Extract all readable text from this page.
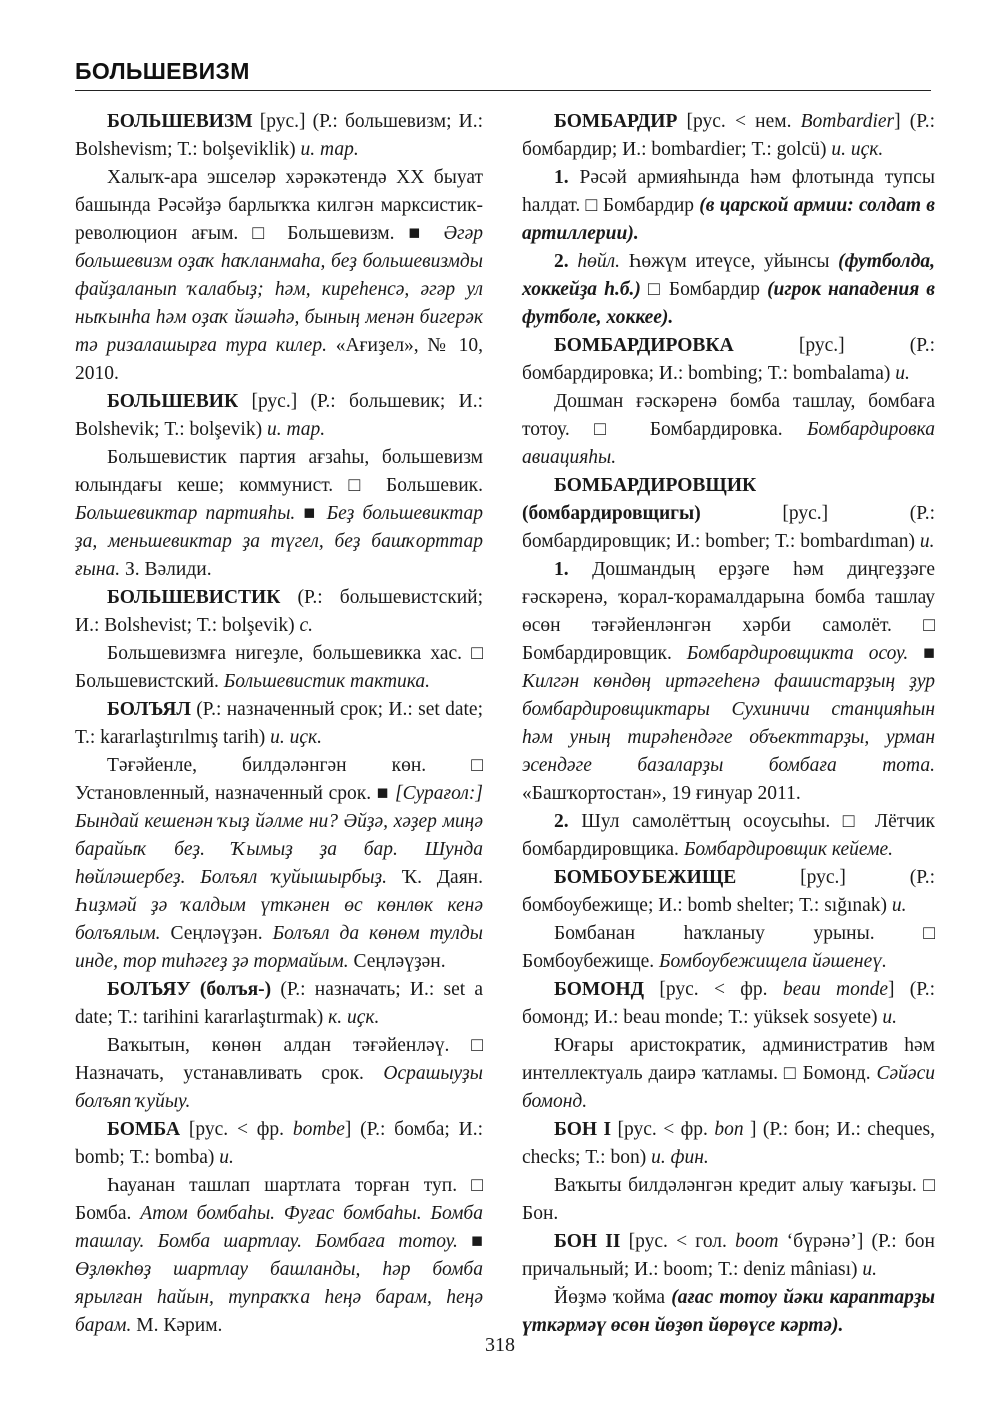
БОЛЬШЕВИЗМ

БОЛЬШЕВИЗМ [рус.] (Р.: большевизм; И.: Bolshevism; Т.: bolşeviklik) и. тар.

Халыҡ-ара эшселәр хәрәкәтендә XX быуат башында Рәсәйҙә барлыҡҡа килгән марксистик-революцион ағым. □ Большевизм. ■ Әгәр большевизм оҙаҡ һаҡланмаһа, беҙ большевизмды файҙаланып ҡалабыҙ; һәм, киреһенсә, әгәр ул ныҡынһа һәм оҙаҡ йәшәһә, бының менән бигерәк тә ризалашырға тура килер. «Ағиҙел», № 10, 2010.

БОЛЬШЕВИК [рус.] (Р.: большевик; И.: Bolshevik; Т.: bolşevik) и. тар.

Большевистик партия ағзаһы, большевизм юлындағы кеше; коммунист. □ Большевик. Большевиктар партияһы. ■ Беҙ большевиктар ҙа, меньшевиктар ҙа түгел, беҙ башҡорттар ғына. З. Вәлиди.

БОЛЬШЕВИСТИК (Р.: большевистский; И.: Bolshevist; Т.: bolşevik) с.

Большевизмға нигеҙле, большевикка хас. □ Большевистский. Большевистик тактика.

БОЛЪЯЛ (Р.: назначенный срок; И.: set date; Т.: kararlaştırılmış tarih) и. иҫк.

Тәғәйенле, билдәләнгән көн. □ Установленный, назначенный срок. ■ [Сурағол:] Бындай кешенән ҡыҙ йәлме ни? Әйҙә, хәҙер миңә барайыҡ беҙ. Ҡымыҙ ҙа бар. Шунда һөйләшербеҙ. Болъял ҡуйышырбыҙ. Ҡ. Даян. Һиҙмәй ҙә ҡалдым үткәнен өс көнлөк кенә болъялым. Сеңләүҙән. Болъял да көнөм тулды инде, тор тиһәгеҙ ҙә тормайым. Сеңләүҙән.

БОЛЪЯУ (болъя-) (Р.: назначать; И.: set a date; Т.: tarihini kararlaştırmak) к. иҫк.

Ваҡытын, көнөн алдан тәғәйенләү. □ Назначать, устанавливать срок. Осрашыуҙы болъяп ҡуйыу.

БОМБА [рус. < фр. bombe] (Р.: бомба; И.: bomb; Т.: bomba) и.

Һауанан ташлап шартлата торған туп. □ Бомба. Атом бомбаһы. Фуғас бомбаһы. Бомба ташлау. Бомба шартлау. Бомбаға тотоу. ■ Өҙлөкһөҙ шартлау башланды, һәр бомба ярылған һайын, тупраҡҡа һеңә барам, һеңә барам. М. Кәрим.

БОМБАРДИР [рус. < нем. Bombardier] (Р.: бомбардир; И.: bombardier; Т.: golcü) и. иҫк.

1. Рәсәй армияһында һәм флотында тупсы һалдат. □ Бомбардир (в царской армии: солдат в артиллерии).

2. һөйл. Һөжүм итеүсе, уйынсы (футболда, хоккейҙа һ.б.) □ Бомбардир (игрок нападения в футболе, хоккее).

БОМБАРДИРОВКА [рус.] (Р.: бомбардировка; И.: bombing; Т.: bombalama) и.

Дошман ғәскәренә бомба ташлау, бомбаға тотоу. □ Бомбардировка. Бомбардировка авиацияһы.

БОМБАРДИРОВЩИК (бомбардировщигы) [рус.] (Р.: бомбардировщик; И.: bomber; Т.: bombardıman) и.

1. Дошмандың ерҙәге һәм диңгеҙҙәге ғәскәренә, ҡорал-ҡорамалдарына бомба ташлау өсөн тәғәйенләнгән хәрби самолёт. □ Бомбардировщик. Бомбардировщикта осоу. ■ Килгән көндөң иртәгеһенә фашистарҙың ҙур бомбардировщиктары Сухиничи станцияһын һәм уның тирәһендәге объекттарҙы, урман эсендәге базаларҙы бомбаға тота. «Башҡортостан», 19 ғинуар 2011.

2. Шул самолёттың осоусыһы. □ Лётчик бомбардировщика. Бомбардировщик кейеме.

БОМБОУБЕЖИЩЕ [рус.] (Р.: бомбоубежище; И.: bomb shelter; Т.: sığınak) и.

Бомбанан һаҡланыу урыны. □ Бомбоубежище. Бомбоубежищела йәшенеү.

БОМОНД [рус. < фр. beau monde] (Р.: бомонд; И.: beau monde; Т.: yüksek sosyete) и.

Юғары аристократик, административ һәм интеллектуаль даирә ҡатламы. □ Бомонд. Сәйәси бомонд.

БОН I [рус. < фр. bon ] (Р.: бон; И.: cheques, checks; Т.: bon) и. фин.

Ваҡыты билдәләнгән кредит алыу ҡағыҙы. □ Бон.

БОН II [рус. < гол. boom ‘бүрәнә’] (Р.: бон причальный; И.: boom; Т.: deniz mâniası) и.

Йөҙмә ҡойма (ағас тотоу йәки караптарҙы үткәрмәү өсөн йөҙөп йөрөүсе кәртә).

318
